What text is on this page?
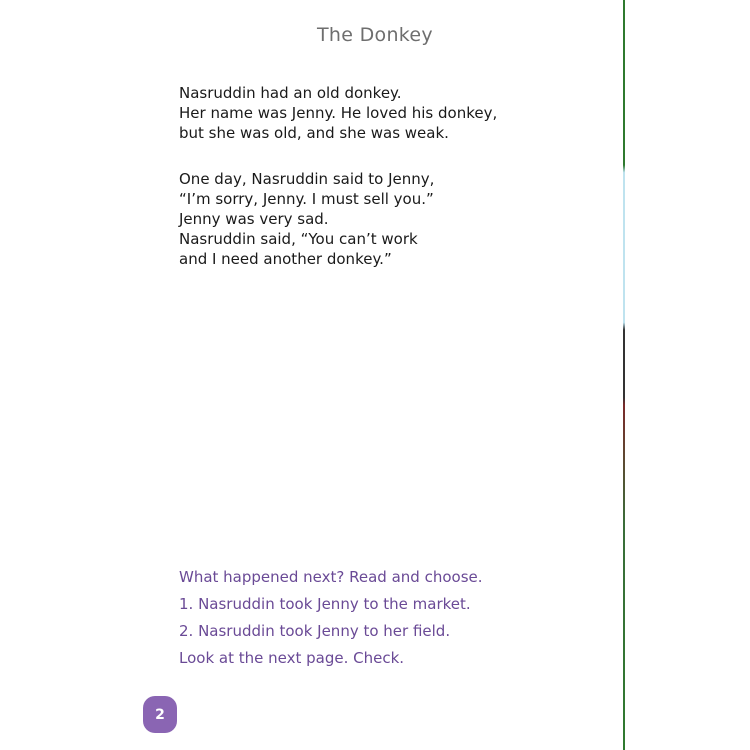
The Donkey
Nasruddin had an old donkey.
Her name was Jenny. He loved his donkey,
but she was old, and she was weak.
One day, Nasruddin said to Jenny,
“I’m sorry, Jenny. I must sell you.”
Jenny was very sad.
Nasruddin said, “You can’t work
and I need another donkey.”
What happened next? Read and choose.
1. Nasruddin took Jenny to the market.
2. Nasruddin took Jenny to her field.
Look at the next page. Check.
2
